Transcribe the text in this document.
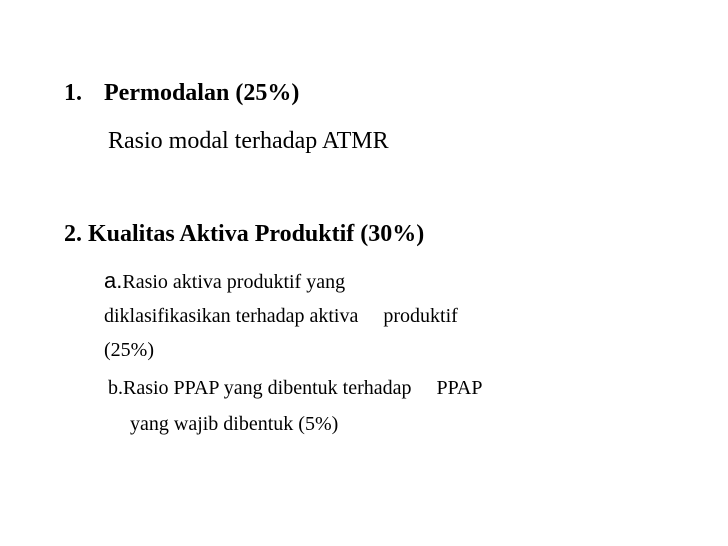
1. Permodalan (25%)
Rasio modal terhadap ATMR
2. Kualitas Aktiva Produktif (30%)
a.Rasio aktiva produktif yang
diklasifikasikan terhadap aktiva  produktif
(25%)
b.Rasio PPAP yang dibentuk terhadap  PPAP
yang wajib dibentuk (5%)
